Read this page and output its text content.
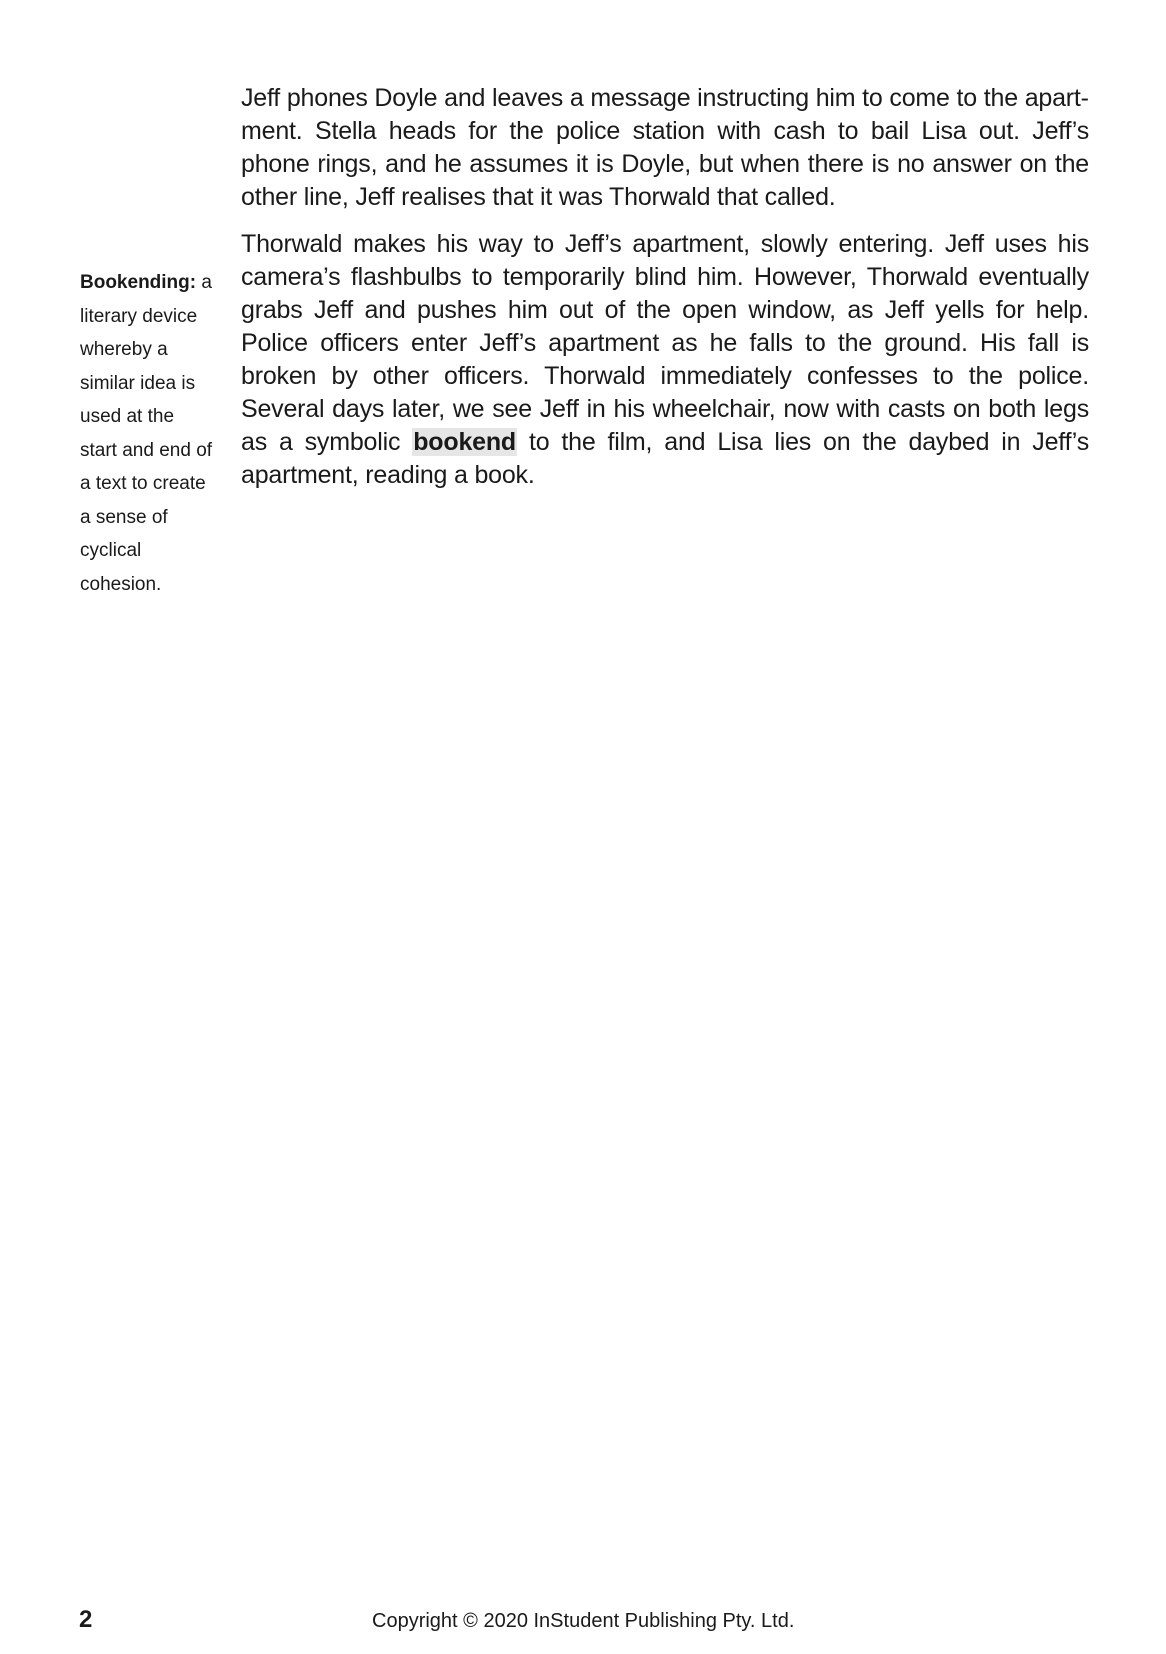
Bookending: a
literary device
whereby a
similar idea is
used at the
start and end of
a text to create
a sense of
cyclical
cohesion.

Jeff phones Doyle and leaves a message instructing him to come to the apartment. Stella heads for the police station with cash to bail Lisa out. Jeff’s phone rings, and he assumes it is Doyle, but when there is no answer on the other line, Jeff realises that it was Thorwald that called.

Thorwald makes his way to Jeff’s apartment, slowly entering. Jeff uses his camera’s flashbulbs to temporarily blind him. However, Thorwald eventually grabs Jeff and pushes him out of the open window, as Jeff yells for help. Police officers enter Jeff’s apartment as he falls to the ground. His fall is broken by other officers. Thorwald immediately confesses to the police. Several days later, we see Jeff in his wheelchair, now with casts on both legs as a symbolic bookend to the film, and Lisa lies on the daybed in Jeff’s apartment, reading a book.

2	Copyright © 2020 InStudent Publishing Pty. Ltd.
